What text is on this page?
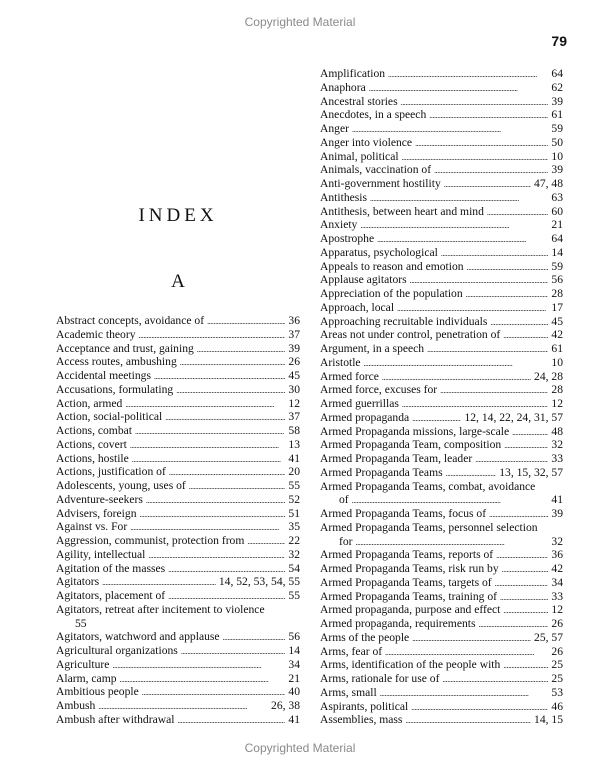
Copyrighted Material
79
INDEX
A
Abstract concepts, avoidance of . . .	36
Academic theory . . .	37
Acceptance and trust, gaining . . .	39
Access routes, ambushing . . .	26
Accidental meetings . . .	45
Accusations, formulating . . .	30
Action, armed . . .	12
Action, social-political . . .	37
Actions, combat . . .	58
Actions, covert . . .	13
Actions, hostile . . .	41
Actions, justification of . . .	20
Adolescents, young, uses of . . .	55
Adventure-seekers . . .	52
Advisers, foreign . . .	51
Against vs. For . . .	35
Aggression, communist, protection from . . .	22
Agility, intellectual . . .	32
Agitation of the masses . . .	54
Agitators . . .	14, 52, 53, 54, 55
Agitators, placement of . . .	55
Agitators, retreat after incitement to violence
55
Agitators, watchword and applause . . .	56
Agricultural organizations . . .	14
Agriculture . . .	34
Alarm, camp . . .	21
Ambitious people . . .	40
Ambush . . .	26, 38
Ambush after withdrawal . . .	41
Amplification . . .	64
Anaphora . . .	62
Ancestral stories . . .	39
Anecdotes, in a speech . . .	61
Anger . . .	59
Anger into violence . . .	50
Animal, political . . .	10
Animals, vaccination of . . .	39
Anti-government hostility . . .	47, 48
Antithesis . . .	63
Antithesis, between heart and mind . . .	60
Anxiety . . .	21
Apostrophe . . .	64
Apparatus, psychological . . .	14
Appeals to reason and emotion . . .	59
Applause agitators . . .	56
Appreciation of the population . . .	28
Approach, local . . .	17
Approaching recruitable individuals . . .	45
Areas not under control, penetration of . . .	42
Argument, in a speech . . .	61
Aristotle . . .	10
Armed force . . .	24, 28
Armed force, excuses for . . .	28
Armed guerrillas . . .	12
Armed propaganda . . .	12, 14, 22, 24, 31, 57
Armed Propaganda missions, large-scale . . .	48
Armed Propaganda Team, composition . . .	32
Armed Propaganda Team, leader . . .	33
Armed Propaganda Teams . . .	13, 15, 32, 57
Armed Propaganda Teams, combat, avoidance
of . . .	41
Armed Propaganda Teams, focus of . . .	39
Armed Propaganda Teams, personnel selection
for . . .	32
Armed Propaganda Teams, reports of . . .	36
Armed Propaganda Teams, risk run by . . .	42
Armed Propaganda Teams, targets of . . .	34
Armed Propaganda Teams, training of . . .	33
Armed propaganda, purpose and effect . . .	12
Armed propaganda, requirements . . .	26
Arms of the people . . .	25, 57
Arms, fear of . . .	26
Arms, identification of the people with . . .	25
Arms, rationale for use of . . .	25
Arms, small . . .	53
Aspirants, political . . .	46
Assemblies, mass . . .	14, 15
Copyrighted Material
